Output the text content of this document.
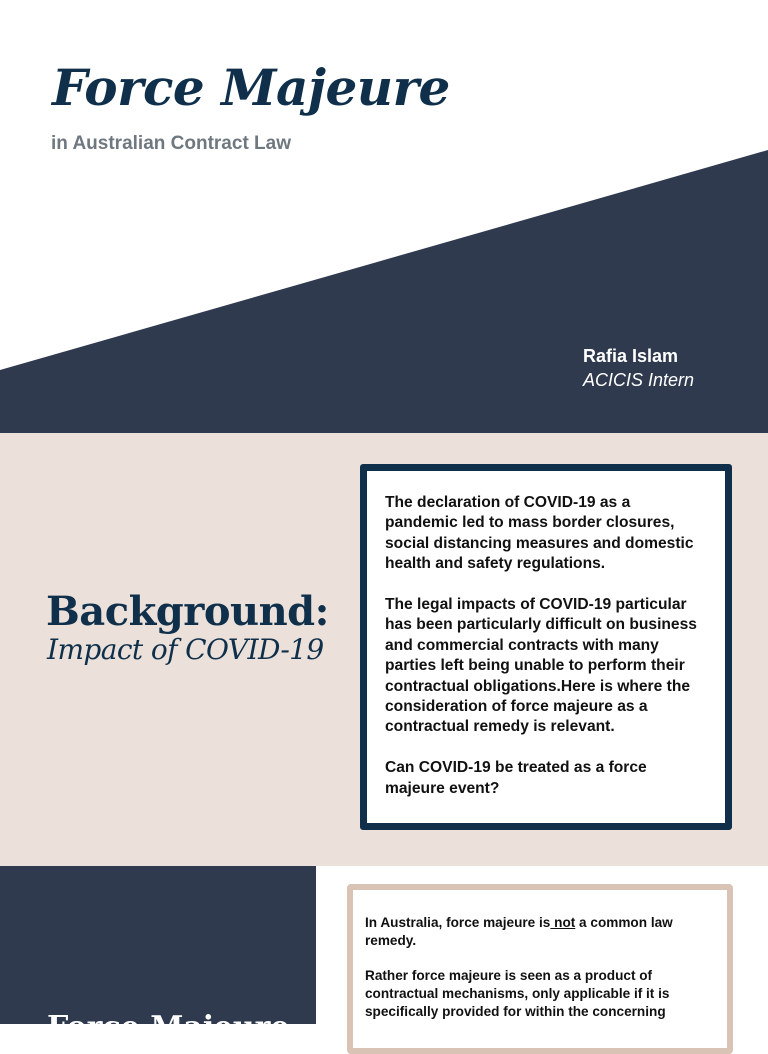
Force Majeure
in Australian Contract Law
Rafia Islam
ACICIS Intern
Background:
Impact of COVID-19

The declaration of COVID-19 as a pandemic led to mass border closures, social distancing measures and domestic health and safety regulations.

The legal impacts of COVID-19 particular has been particularly difficult on business and commercial contracts with many parties left being unable to perform their contractual obligations.Here is where the consideration of force majeure as a contractual remedy is relevant.

Can COVID-19 be treated as a force majeure event?

Force Majeure

In Australia, force majeure is not a common law remedy.

Rather force majeure is seen as a product of contractual mechanisms, only applicable if it is specifically provided for within the concerning
